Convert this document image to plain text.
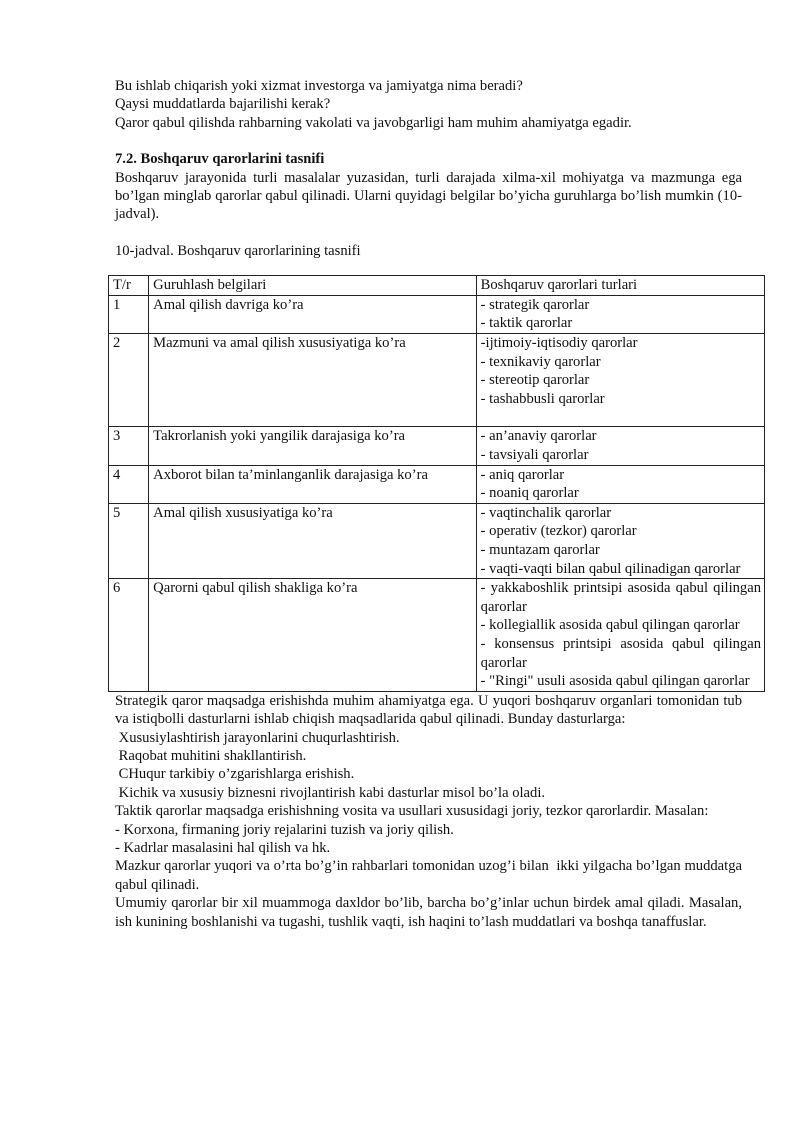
Bu ishlab chiqarish yoki xizmat investorga va jamiyatga nima beradi?

Qaysi muddatlarda bajarilishi kerak?

Qaror qabul qilishda rahbarning vakolati va javobgarligi ham muhim ahamiyatga egadir.

7.2. Boshqaruv qarorlarini tasnifi

Boshqaruv jarayonida turli masalalar yuzasidan, turli darajada xilma-xil mohiyatga va mazmunga ega bo’lgan minglab qarorlar qabul qilinadi. Ularni quyidagi belgilar bo’yicha guruhlarga bo’lish mumkin (10-jadval).

10-jadval. Boshqaruv qarorlarining tasnifi

T/r	Guruhlash belgilari	Boshqaruv qarorlari turlari
1	Amal qilish davriga ko’ra	- strategik qarorlar
- taktik qarorlar

2	Mazmuni va amal qilish xususiyatiga ko’ra	-ijtimoiy-iqtisodiy qarorlar
- texnikaviy qarorlar
- stereotip qarorlar
- tashabbusli qarorlar

3	Takrorlanish yoki yangilik darajasiga ko’ra	- an’anaviy qarorlar
- tavsiyali qarorlar

4	Axborot bilan ta’minlanganlik darajasiga ko’ra	- aniq qarorlar
- noaniq qarorlar

5	Amal qilish xususiyatiga ko’ra	- vaqtinchalik qarorlar
- operativ (tezkor) qarorlar
- muntazam qarorlar
- vaqti-vaqti bilan qabul qilinadigan qarorlar

6	Qarorni qabul qilish shakliga ko’ra	- yakkaboshlik printsipi asosida qabul qilingan qarorlar
- kollegiallik asosida qabul qilingan qarorlar
- konsensus printsipi asosida qabul qilingan qarorlar
- "Ringi" usuli asosida qabul qilingan qarorlar

Strategik qaror maqsadga erishishda muhim ahamiyatga ega. U yuqori boshqaruv organlari tomonidan tub va istiqbolli dasturlarni ishlab chiqish maqsadlarida qabul qilinadi. Bunday dasturlarga:

Xususiylashtirish jarayonlarini chuqurlashtirish.

Raqobat muhitini shakllantirish.

CHuqur tarkibiy o’zgarishlarga erishish.

Kichik va xususiy biznesni rivojlantirish kabi dasturlar misol bo’la oladi.

Taktik qarorlar maqsadga erishishning vosita va usullari xususidagi joriy, tezkor qarorlardir. Masalan:

- Korxona, firmaning joriy rejalarini tuzish va joriy qilish.

- Kadrlar masalasini hal qilish va hk.

Mazkur qarorlar yuqori va o’rta bo’g’in rahbarlari tomonidan uzog’i bilan  ikki yilgacha bo’lgan muddatga qabul qilinadi.

Umumiy qarorlar bir xil muammoga daxldor bo’lib, barcha bo’g’inlar uchun birdek amal qiladi. Masalan, ish kunining boshlanishi va tugashi, tushlik vaqti, ish haqini to’lash muddatlari va boshqa tanaffuslar.
